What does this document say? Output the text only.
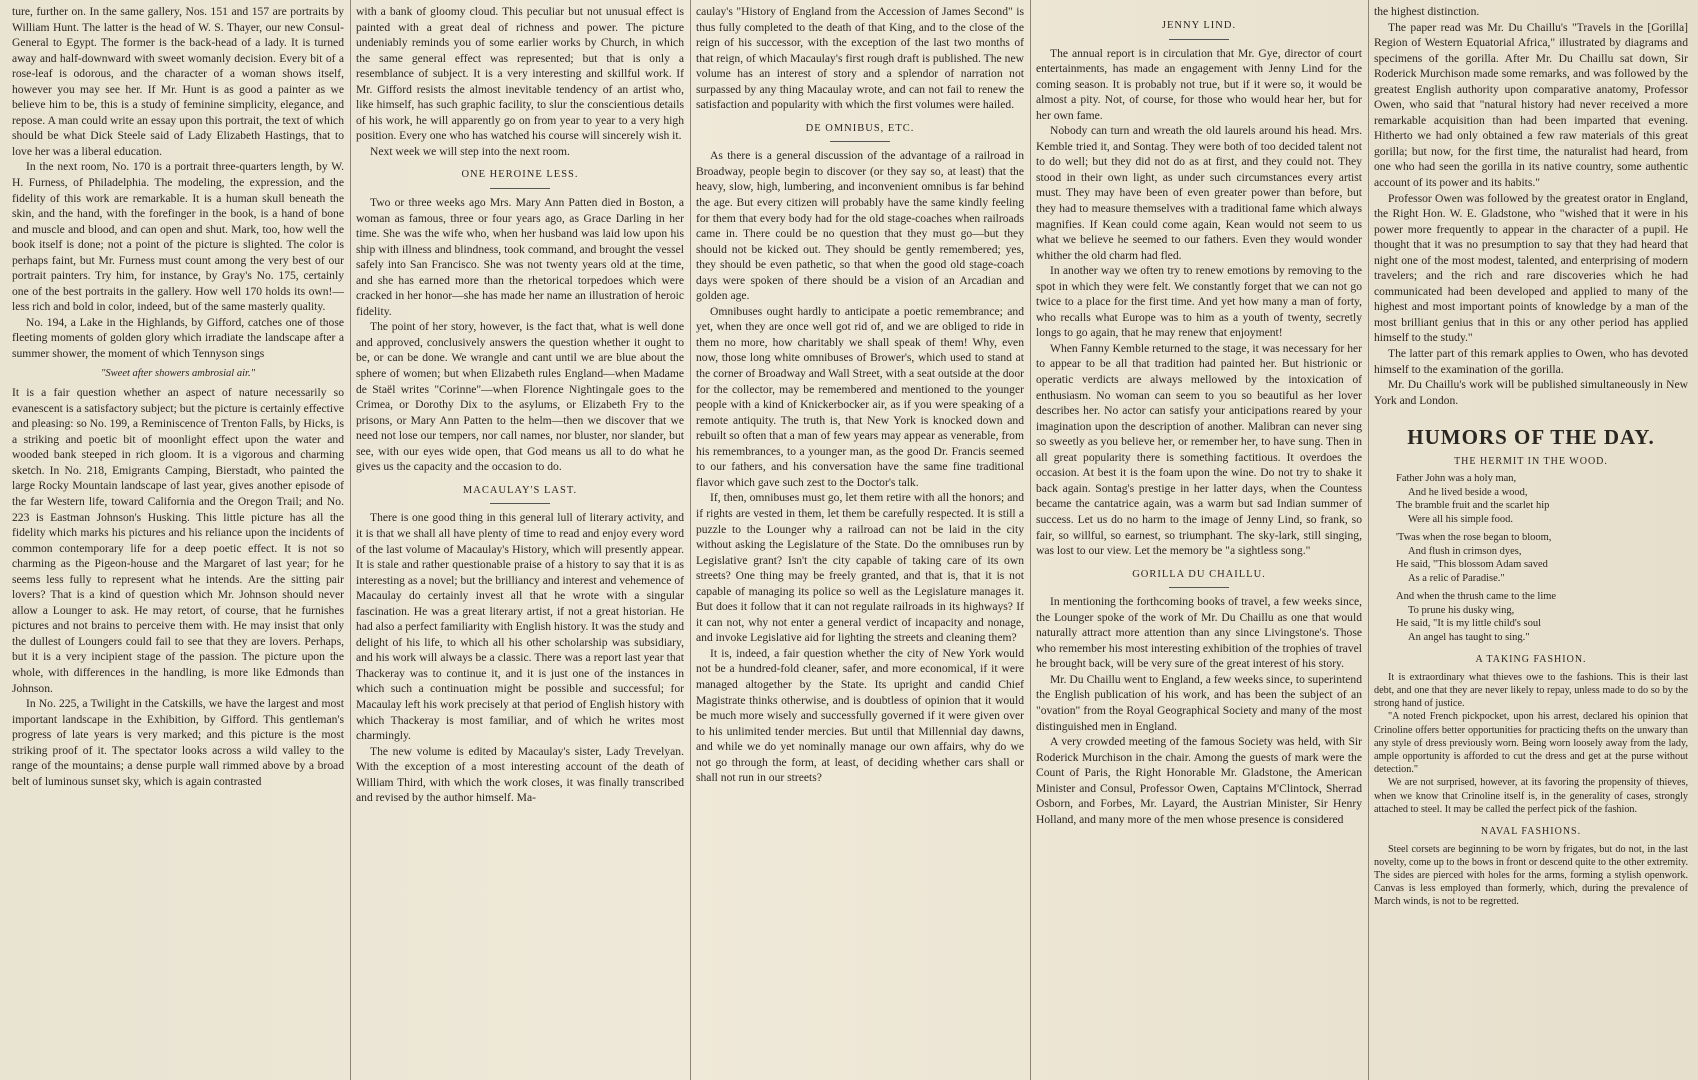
ture, further on. In the same gallery, Nos. 151 and 157 are portraits by William Hunt. The latter is the head of W. S. Thayer, our new Consul-General to Egypt. The former is the back-head of a lady. It is turned away and half-downward with sweet womanly decision. Every bit of a rose-leaf is odorous, and the character of a woman shows itself, however you may see her. If Mr. Hunt is as good a painter as we believe him to be, this is a study of feminine simplicity, elegance, and repose. A man could write an essay upon this portrait, the text of which should be what Dick Steele said of Lady Elizabeth Hastings, that to love her was a liberal education.

In the next room, No. 170 is a portrait three-quarters length, by W. H. Furness, of Philadelphia. The modeling, the expression, and the fidelity of this work are remarkable. It is a human skull beneath the skin, and the hand, with the forefinger in the book, is a hand of bone and muscle and blood, and can open and shut. Mark, too, how well the book itself is done; not a point of the picture is slighted. The color is perhaps faint, but Mr. Furness must count among the very best of our portrait painters. Try him, for instance, by Gray's No. 175, certainly one of the best portraits in the gallery. How well 170 holds its own!— less rich and bold in color, indeed, but of the same masterly quality.

No. 194, a Lake in the Highlands, by Gifford, catches one of those fleeting moments of golden glory which irradiate the landscape after a summer shower, the moment of which Tennyson sings

"Sweet after showers ambrosial air."

It is a fair question whether an aspect of nature necessarily so evanescent is a satisfactory subject; but the picture is certainly effective and pleasing: so No. 199, a Reminiscence of Trenton Falls, by Hicks, is a striking and poetic bit of moonlight effect upon the water and wooded bank steeped in rich gloom. It is a vigorous and charming sketch. In No. 218, Emigrants Camping, Bierstadt, who painted the large Rocky Mountain landscape of last year, gives another episode of the far Western life, toward California and the Oregon Trail; and No. 223 is Eastman Johnson's Husking. This little picture has all the fidelity which marks his pictures and his reliance upon the incidents of common contemporary life for a deep poetic effect. It is not so charming as the Pigeon-house and the Margaret of last year; for he seems less fully to represent what he intends. Are the sitting pair lovers? That is a kind of question which Mr. Johnson should never allow a Lounger to ask. He may retort, of course, that he furnishes pictures and not brains to perceive them with. He may insist that only the dullest of Loungers could fail to see that they are lovers. Perhaps, but it is a very incipient stage of the passion. The picture upon the whole, with differences in the handling, is more like Edmonds than Johnson.

In No. 225, a Twilight in the Catskills, we have the largest and most important landscape in the Exhibition, by Gifford. This gentleman's progress of late years is very marked; and this picture is the most striking proof of it. The spectator looks across a wild valley to the range of the mountains; a dense purple wall rimmed above by a broad belt of luminous sunset sky, which is again contrasted

with a bank of gloomy cloud. This peculiar but not unusual effect is painted with a great deal of richness and power. The picture undeniably reminds you of some earlier works by Church, in which the same general effect was represented; but that is only a resemblance of subject. It is a very interesting and skillful work. If Mr. Gifford resists the almost inevitable tendency of an artist who, like himself, has such graphic facility, to slur the conscientious details of his work, he will apparently go on from year to year to a very high position. Every one who has watched his course will sincerely wish it.

Next week we will step into the next room.

ONE HEROINE LESS.

Two or three weeks ago Mrs. Mary Ann Patten died in Boston, a woman as famous, three or four years ago, as Grace Darling in her time. She was the wife who, when her husband was laid low upon his ship with illness and blindness, took command, and brought the vessel safely into San Francisco. She was not twenty years old at the time, and she has earned more than the rhetorical torpedoes which were cracked in her honor—she has made her name an illustration of heroic fidelity.

The point of her story, however, is the fact that, what is well done and approved, conclusively answers the question whether it ought to be, or can be done. We wrangle and cant until we are blue about the sphere of women; but when Elizabeth rules England—when Madame de Staël writes "Corinne"—when Florence Nightingale goes to the Crimea, or Dorothy Dix to the asylums, or Elizabeth Fry to the prisons, or Mary Ann Patten to the helm—then we discover that we need not lose our tempers, nor call names, nor bluster, nor slander, but see, with our eyes wide open, that God means us all to do what he gives us the capacity and the occasion to do.

MACAULAY'S LAST.

There is one good thing in this general lull of literary activity, and it is that we shall all have plenty of time to read and enjoy every word of the last volume of Macaulay's History, which will presently appear. It is stale and rather questionable praise of a history to say that it is as interesting as a novel; but the brilliancy and interest and vehemence of Macaulay do certainly invest all that he wrote with a singular fascination. He was a great literary artist, if not a great historian. He had also a perfect familiarity with English history. It was the study and delight of his life, to which all his other scholarship was subsidiary, and his work will always be a classic. There was a report last year that Thackeray was to continue it, and it is just one of the instances in which such a continuation might be possible and successful; for Macaulay left his work precisely at that period of English history with which Thackeray is most familiar, and of which he writes most charmingly.

The new volume is edited by Macaulay's sister, Lady Trevelyan. With the exception of a most interesting account of the death of William Third, with which the work closes, it was finally transcribed and revised by the author himself. Ma-

caulay's "History of England from the Accession of James Second" is thus fully completed to the death of that King, and to the close of the reign of his successor, with the exception of the last two months of that reign, of which Macaulay's first rough draft is published. The new volume has an interest of story and a splendor of narration not surpassed by any thing Macaulay wrote, and can not fail to renew the satisfaction and popularity with which the first volumes were hailed.

DE OMNIBUS, ETC.

As there is a general discussion of the advantage of a railroad in Broadway, people begin to discover (or they say so, at least) that the heavy, slow, high, lumbering, and inconvenient omnibus is far behind the age. But every citizen will probably have the same kindly feeling for them that every body had for the old stage-coaches when railroads came in. There could be no question that they must go—but they should not be kicked out. They should be gently remembered; yes, they should be even pathetic, so that when the good old stage-coach days were spoken of there should be a vision of an Arcadian and golden age.

Omnibuses ought hardly to anticipate a poetic remembrance; and yet, when they are once well got rid of, and we are obliged to ride in them no more, how charitably we shall speak of them! Why, even now, those long white omnibuses of Brower's, which used to stand at the corner of Broadway and Wall Street, with a seat outside at the door for the collector, may be remembered and mentioned to the younger people with a kind of Knickerbocker air, as if you were speaking of a remote antiquity. The truth is, that New York is knocked down and rebuilt so often that a man of few years may appear as venerable, from his remembrances, to a younger man, as the good Dr. Francis seemed to our fathers, and his conversation have the same fine traditional flavor which gave such zest to the Doctor's talk.

If, then, omnibuses must go, let them retire with all the honors; and if rights are vested in them, let them be carefully respected. It is still a puzzle to the Lounger why a railroad can not be laid in the city without asking the Legislature of the State. Do the omnibuses run by Legislative grant? Isn't the city capable of taking care of its own streets? One thing may be freely granted, and that is, that it is not capable of managing its police so well as the Legislature manages it. But does it follow that it can not regulate railroads in its highways? If it can not, why not enter a general verdict of incapacity and nonage, and invoke Legislative aid for lighting the streets and cleaning them?

It is, indeed, a fair question whether the city of New York would not be a hundred-fold cleaner, safer, and more economical, if it were managed altogether by the State. Its upright and candid Chief Magistrate thinks otherwise, and is doubtless of opinion that it would be much more wisely and successfully governed if it were given over to his unlimited tender mercies. But until that Millennial day dawns, and while we do yet nominally manage our own affairs, why do we not go through the form, at least, of deciding whether cars shall or shall not run in our streets?

JENNY LIND.

The annual report is in circulation that Mr. Gye, director of court entertainments, has made an engagement with Jenny Lind for the coming season. It is probably not true, but if it were so, it would be almost a pity. Not, of course, for those who would hear her, but for her own fame.

Nobody can turn and wreath the old laurels around his head. Mrs. Kemble tried it, and Sontag. They were both of too decided talent not to do well; but they did not do as at first, and they could not. They stood in their own light, as under such circumstances every artist must. They may have been of even greater power than before, but they had to measure themselves with a traditional fame which always magnifies. If Kean could come again, Kean would not seem to us what we believe he seemed to our fathers. Even they would wonder whither the old charm had fled.

In another way we often try to renew emotions by removing to the spot in which they were felt. We constantly forget that we can not go twice to a place for the first time. And yet how many a man of forty, who recalls what Europe was to him as a youth of twenty, secretly longs to go again, that he may renew that enjoyment!

When Fanny Kemble returned to the stage, it was necessary for her to appear to be all that tradition had painted her. But histrionic or operatic verdicts are always mellowed by the intoxication of enthusiasm. No woman can seem to you so beautiful as her lover describes her. No actor can satisfy your anticipations reared by your imagination upon the description of another. Malibran can never sing so sweetly as you believe her, or remember her, to have sung. Then in all great popularity there is something factitious. It overdoes the occasion. At best it is the foam upon the wine. Do not try to shake it back again. Sontag's prestige in her latter days, when the Countess became the cantatrice again, was a warm but sad Indian summer of success. Let us do no harm to the image of Jenny Lind, so frank, so fair, so willful, so earnest, so triumphant. The sky-lark, still singing, was lost to our view. Let the memory be "a sightless song."

GORILLA DU CHAILLU.

In mentioning the forthcoming books of travel, a few weeks since, the Lounger spoke of the work of Mr. Du Chaillu as one that would naturally attract more attention than any since Livingstone's. Those who remember his most interesting exhibition of the trophies of travel he brought back, will be very sure of the great interest of his story.

Mr. Du Chaillu went to England, a few weeks since, to superintend the English publication of his work, and has been the subject of an "ovation" from the Royal Geographical Society and many of the most distinguished men in England.

A very crowded meeting of the famous Society was held, with Sir Roderick Murchison in the chair. Among the guests of mark were the Count of Paris, the Right Honorable Mr. Gladstone, the American Minister and Consul, Professor Owen, Captains M'Clintock, Sherrad Osborn, and Forbes, Mr. Layard, the Austrian Minister, Sir Henry Holland, and many more of the men whose presence is considered

the highest distinction.

The paper read was Mr. Du Chaillu's "Travels in the [Gorilla] Region of Western Equatorial Africa," illustrated by diagrams and specimens of the gorilla. After Mr. Du Chaillu sat down, Sir Roderick Murchison made some remarks, and was followed by the greatest English authority upon comparative anatomy, Professor Owen, who said that "natural history had never received a more remarkable acquisition than had been imparted that evening. Hitherto we had only obtained a few raw materials of this great gorilla; but now, for the first time, the naturalist had heard, from one who had seen the gorilla in its native country, some authentic account of its power and its habits."

Professor Owen was followed by the greatest orator in England, the Right Hon. W. E. Gladstone, who "wished that it were in his power more frequently to appear in the character of a pupil. He thought that it was no presumption to say that they had heard that night one of the most modest, talented, and enterprising of modern travelers; and the rich and rare discoveries which he had communicated had been developed and applied to many of the highest and most important points of knowledge by a man of the most brilliant genius that in this or any other period has applied himself to the study."

The latter part of this remark applies to Owen, who has devoted himself to the examination of the gorilla.

Mr. Du Chaillu's work will be published simultaneously in New York and London.

HUMORS OF THE DAY.
THE HERMIT IN THE WOOD.
Father John was a holy man,
And he lived beside a wood,
The bramble fruit and the scarlet hip
Were all his simple food.
'Twas when the rose began to bloom,
And flush in crimson dyes,
He said, "This blossom Adam saved
As a relic of Paradise."
And when the thrush came to the lime
To prune his dusky wing,
He said, "It is my little child's soul
An angel has taught to sing."
A TAKING FASHION.

It is extraordinary what thieves owe to the fashions. This is their last debt, and one that they are never likely to repay, unless made to do so by the strong hand of justice.

"A noted French pickpocket, upon his arrest, declared his opinion that Crinoline offers better opportunities for practicing thefts on the unwary than any style of dress previously worn. Being worn loosely away from the lady, ample opportunity is afforded to cut the dress and get at the purse without detection."

We are not surprised, however, at its favoring the propensity of thieves, when we know that Crinoline itself is, in the generality of cases, strongly attached to steel. It may be called the perfect pick of the fashion.

NAVAL FASHIONS.

Steel corsets are beginning to be worn by frigates, but do not, in the last novelty, come up to the bows in front or descend quite to the other extremity. The sides are pierced with holes for the arms, forming a stylish openwork. Canvas is less employed than formerly, which, during the prevalence of March winds, is not to be regretted.
